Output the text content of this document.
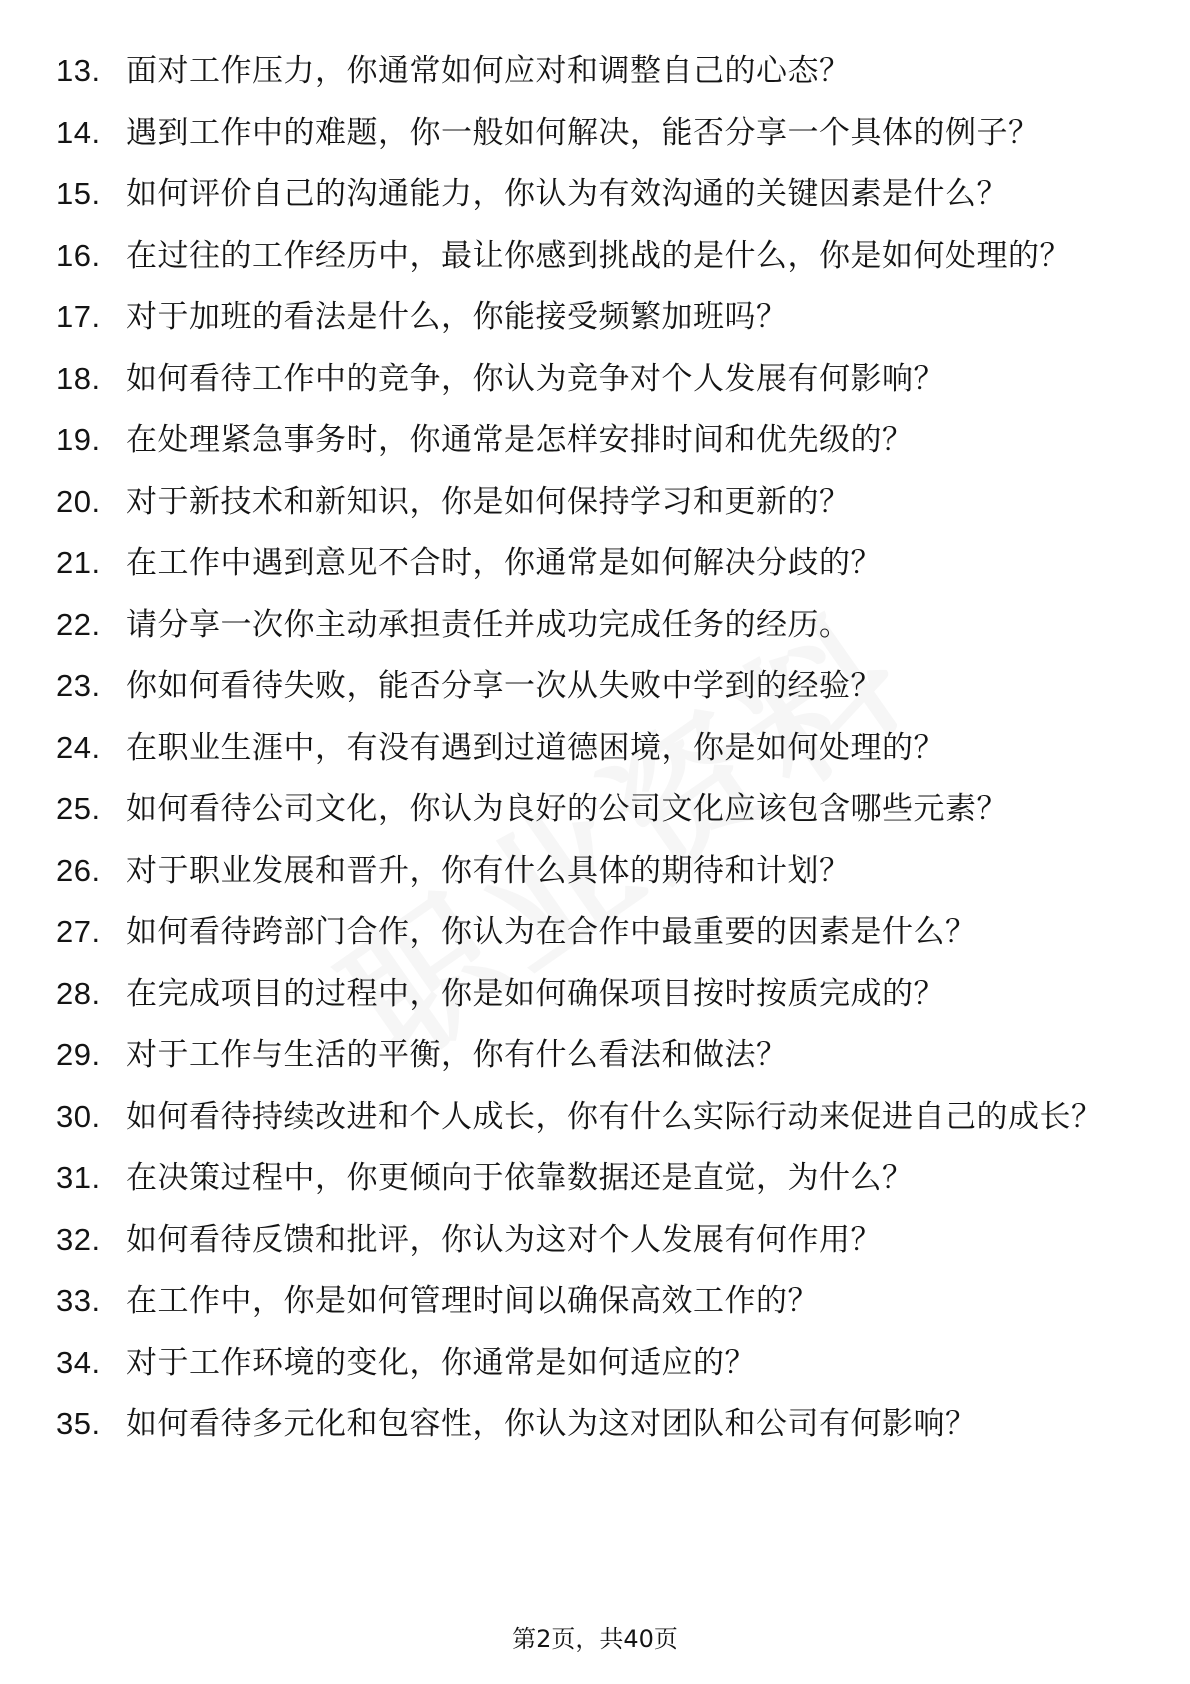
13. 面对工作压力，你通常如何应对和调整自己的心态？
14. 遇到工作中的难题，你一般如何解决，能否分享一个具体的例子？
15. 如何评价自己的沟通能力，你认为有效沟通的关键因素是什么？
16. 在过往的工作经历中，最让你感到挑战的是什么，你是如何处理的？
17. 对于加班的看法是什么，你能接受频繁加班吗？
18. 如何看待工作中的竞争，你认为竞争对个人发展有何影响？
19. 在处理紧急事务时，你通常是怎样安排时间和优先级的？
20. 对于新技术和新知识，你是如何保持学习和更新的？
21. 在工作中遇到意见不合时，你通常是如何解决分歧的？
22. 请分享一次你主动承担责任并成功完成任务的经历。
23. 你如何看待失败，能否分享一次从失败中学到的经验？
24. 在职业生涯中，有没有遇到过道德困境，你是如何处理的？
25. 如何看待公司文化，你认为良好的公司文化应该包含哪些元素？
26. 对于职业发展和晋升，你有什么具体的期待和计划？
27. 如何看待跨部门合作，你认为在合作中最重要的因素是什么？
28. 在完成项目的过程中，你是如何确保项目按时按质完成的？
29. 对于工作与生活的平衡，你有什么看法和做法？
30. 如何看待持续改进和个人成长，你有什么实际行动来促进自己的成长？
31. 在决策过程中，你更倾向于依靠数据还是直觉，为什么？
32. 如何看待反馈和批评，你认为这对个人发展有何作用？
33. 在工作中，你是如何管理时间以确保高效工作的？
34. 对于工作环境的变化，你通常是如何适应的？
35. 如何看待多元化和包容性，你认为这对团队和公司有何影响？
第2页，共40页
